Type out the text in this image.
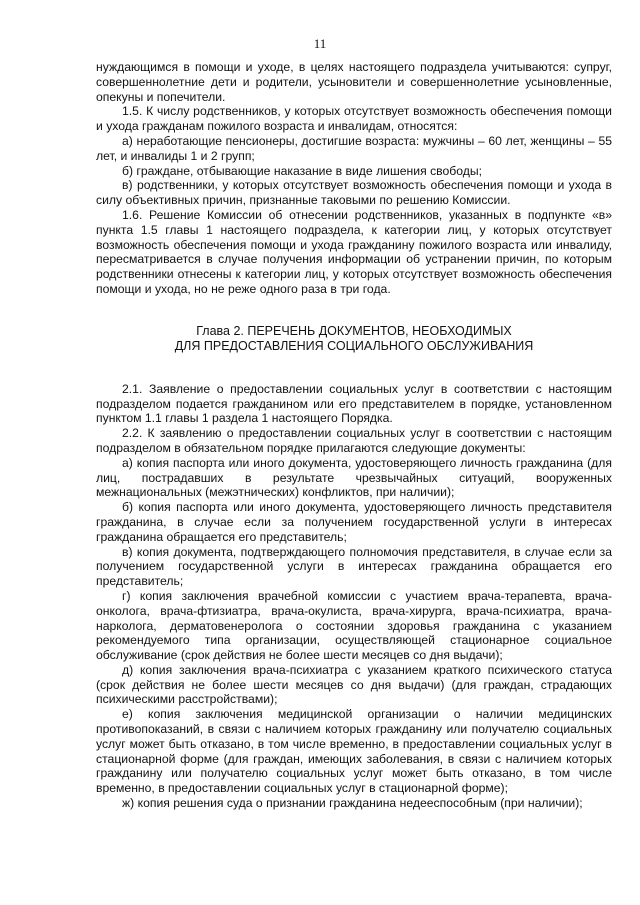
11

нуждающимся в помощи и уходе, в целях настоящего подраздела учитываются: супруг, совершеннолетние дети и родители, усыновители и совершеннолетние усыновленные, опекуны и попечители.

1.5. К числу родственников, у которых отсутствует возможность обеспечения помощи и ухода гражданам пожилого возраста и инвалидам, относятся:

а) неработающие пенсионеры, достигшие возраста: мужчины – 60 лет, женщины – 55 лет, и инвалиды 1 и 2 групп;

б) граждане, отбывающие наказание в виде лишения свободы;

в) родственники, у которых отсутствует возможность обеспечения помощи и ухода в силу объективных причин, признанные таковыми по решению Комиссии.

1.6. Решение Комиссии об отнесении родственников, указанных в подпункте «в» пункта 1.5 главы 1 настоящего подраздела, к категории лиц, у которых отсутствует возможность обеспечения помощи и ухода гражданину пожилого возраста или инвалиду, пересматривается в случае получения информации об устранении причин, по которым родственники отнесены к категории лиц, у которых отсутствует возможность обеспечения помощи и ухода, но не реже одного раза в три года.

Глава 2. ПЕРЕЧЕНЬ ДОКУМЕНТОВ, НЕОБХОДИМЫХ
ДЛЯ ПРЕДОСТАВЛЕНИЯ СОЦИАЛЬНОГО ОБСЛУЖИВАНИЯ

2.1. Заявление о предоставлении социальных услуг в соответствии с настоящим подразделом подается гражданином или его представителем в порядке, установленном пунктом 1.1 главы 1 раздела 1 настоящего Порядка.

2.2. К заявлению о предоставлении социальных услуг в соответствии с настоящим подразделом в обязательном порядке прилагаются следующие документы:

а) копия паспорта или иного документа, удостоверяющего личность гражданина (для лиц, пострадавших в результате чрезвычайных ситуаций, вооруженных межнациональных (межэтнических) конфликтов, при наличии);

б) копия паспорта или иного документа, удостоверяющего личность представителя гражданина, в случае если за получением государственной услуги в интересах гражданина обращается его представитель;

в) копия документа, подтверждающего полномочия представителя, в случае если за получением государственной услуги в интересах гражданина обращается его представитель;

г) копия заключения врачебной комиссии с участием врача-терапевта, врача-онколога, врача-фтизиатра, врача-окулиста, врача-хирурга, врача-психиатра, врача-нарколога, дерматовенеролога о состоянии здоровья гражданина с указанием рекомендуемого типа организации, осуществляющей стационарное социальное обслуживание (срок действия не более шести месяцев со дня выдачи);

д) копия заключения врача-психиатра с указанием краткого психического статуса (срок действия не более шести месяцев со дня выдачи) (для граждан, страдающих психическими расстройствами);

е) копия заключения медицинской организации о наличии медицинских противопоказаний, в связи с наличием которых гражданину или получателю социальных услуг может быть отказано, в том числе временно, в предоставлении социальных услуг в стационарной форме (для граждан, имеющих заболевания, в связи с наличием которых гражданину или получателю социальных услуг может быть отказано, в том числе временно, в предоставлении социальных услуг в стационарной форме);

ж) копия решения суда о признании гражданина недееспособным (при наличии);
